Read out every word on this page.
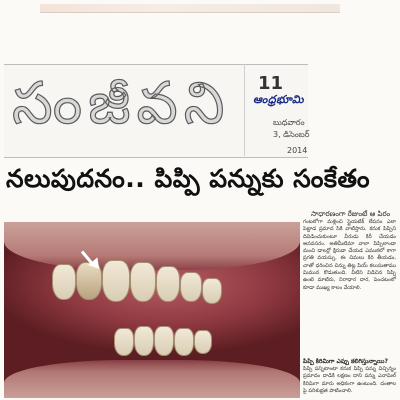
సంజీవని 11
ఆంధ్రభూమి
బుధవారం
3, డిసెంబర్
2014
నలుపుదనం.. పిప్పి పన్నుకు సంకేతం
సాధారణంగా రేజుంటే ఆ పిరం
గంటలోగా మళ్లించి స్టైయటిక్ లేపనం ఎలా పెట్టాడ ప్రమాద సికి వాటిస్తారు. కనుక పిప్పిని దివిడించుకుంటూ వీరుడు కిరీ చేయడం అనవసరం. అతిమీటిమా వాలా పిప్పిలాండా మంచి డాలర్లో క్షిరుడా చేయడ ఎముకలో కాగా ప్రగతి వయస్సు, ఈ చిమలు కిరి తీయడం, చాతో ధరించిన చిన్ను తిట్ల పియ్ కలుసుతాము మిమున కొడుతుంది. వీటిని విడిచిన సిప్పి ఉంటె మాటిరు, నిరాధార దార, పెంచటంలో కూడా ముఖ్య కాలం వేయాలి.
పిప్పి కిరిమిగా ఎప్పు కలిగిస్తున్నాయి?
పిప్పి పన్నిటాంటా కనుక పిప్పి పన్ను విచ్చిన్నం ప్రమాదం దాడికి లక్షణం దాని పన్ను ఎనామిల్ కిరిమిగా మారు అధికంగా ఉంటుంది. దంతాల పై పరిశుభ్రత పాటించాలి.
